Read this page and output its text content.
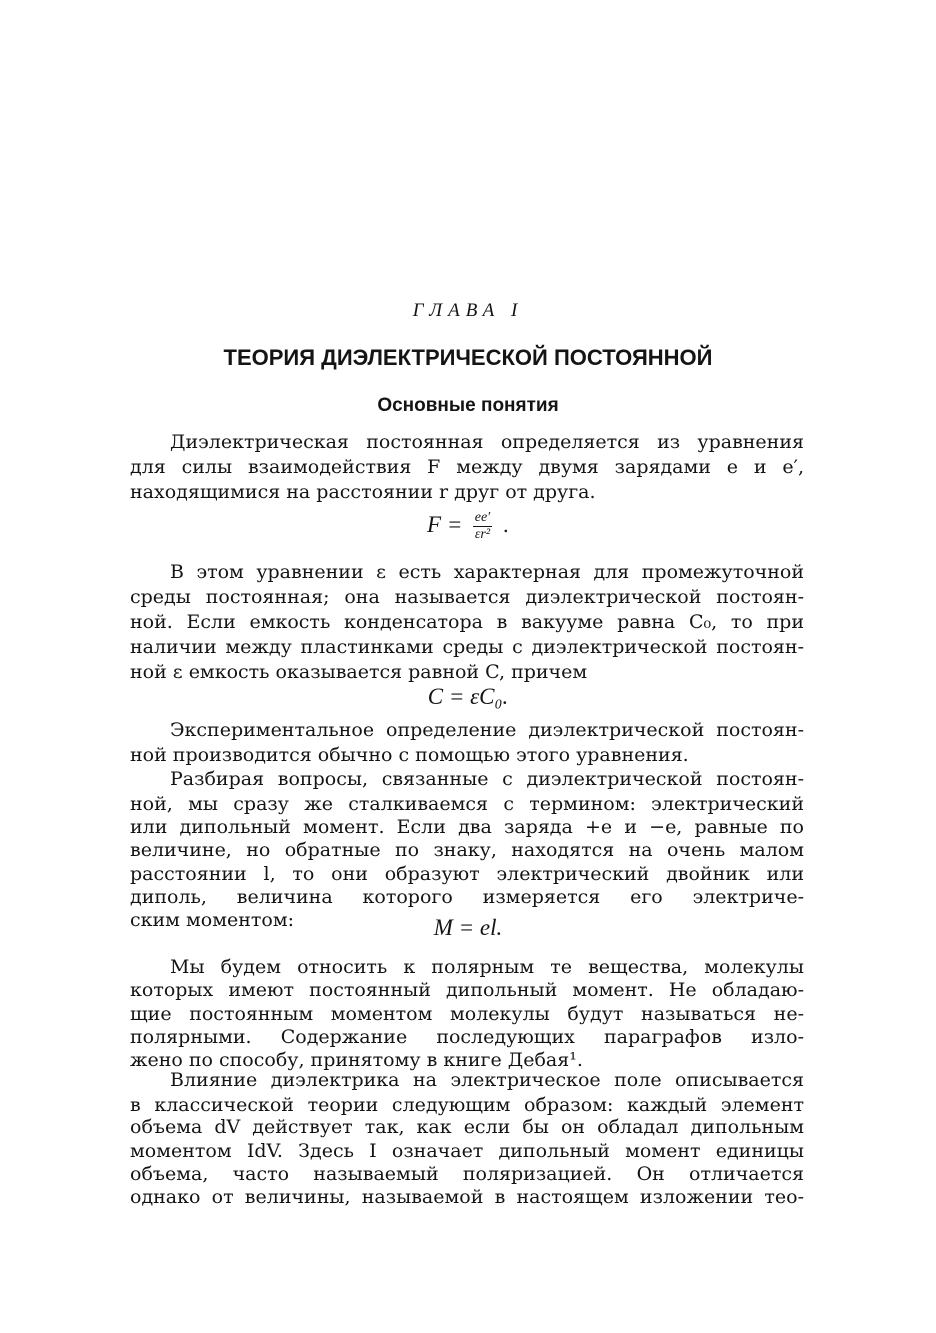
ГЛАВА I
ТЕОРИЯ ДИЭЛЕКТРИЧЕСКОЙ ПОСТОЯННОЙ
Основные понятия
Диэлектрическая постоянная определяется из уравнения
для силы взаимодействия F между двумя зарядами e и e′,
находящимися на расстоянии r друг от друга.
$F = \frac{ee'}{\text{εr²}}$ .
В этом уравнении ε есть характерная для промежуточной
среды постоянная; она называется диэлектрической постоян-
ной. Если емкость конденсатора в вакууме равна C₀, то при
наличии между пластинками среды с диэлектрической постоян-
ной ε емкость оказывается равной C, причем
C = εC₀.
Экспериментальное определение диэлектрической постоян-
ной производится обычно с помощью этого уравнения.
Разбирая вопросы, связанные с диэлектрической постоян-
ной, мы сразу же сталкиваемся с термином: электрический
или дипольный момент. Если два заряда +e и −e, равные по
величине, но обратные по знаку, находятся на очень малом
расстоянии l, то они образуют электрический двойник или
диполь, величина которого измеряется его электриче-
ским моментом:	M = el.
Мы будем относить к полярным те вещества, молекулы
которых имеют постоянный дипольный момент. Не обладаю-
щие постоянным моментом молекулы будут называться не-
полярными. Содержание последующих параграфов изло-
жено по способу, принятому в книге Дебая¹.
Влияние диэлектрика на электрическое поле описывается
в классической теории следующим образом: каждый элемент
объема dV действует так, как если бы он обладал дипольным
моментом IdV. Здесь I означает дипольный момент единицы
объема, часто называемый поляризацией. Он отличается
однако от величины, называемой в настоящем изложении тео-
